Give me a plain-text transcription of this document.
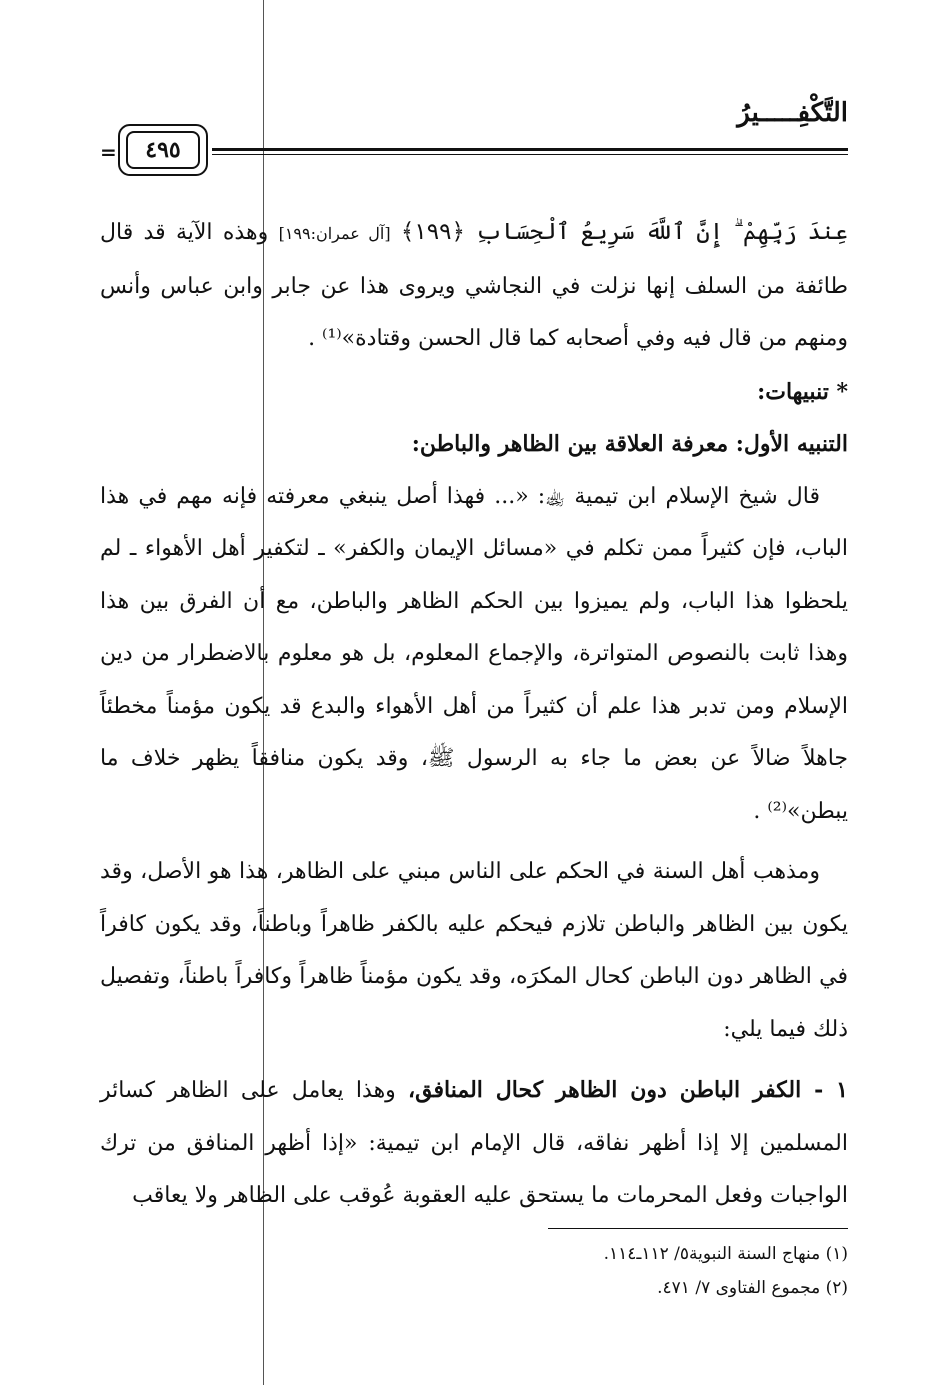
التَّكْفِـــــيرُ
=	٤٩٥

عِندَ رَبِّهِمْ ۗ إِنَّ ٱللَّهَ سَرِيعُ ٱلْحِسَابِ ﴿١٩٩﴾ [آل عمران:١٩٩] وهذه الآية قد قال طائفة من السلف إنها نزلت في النجاشي ويروى هذا عن جابر وابن عباس وأنس ومنهم من قال فيه وفي أصحابه كما قال الحسن وقتادة»⁽¹⁾ .

* تنبيهات:

التنبيه الأول: معرفة العلاقة بين الظاهر والباطن:

قال شيخ الإسلام ابن تيمية ﵀: «... فهذا أصل ينبغي معرفته فإنه مهم في هذا الباب، فإن كثيراً ممن تكلم في «مسائل الإيمان والكفر» ـ لتكفير أهل الأهواء ـ لم يلحظوا هذا الباب، ولم يميزوا بين الحكم الظاهر والباطن، مع أن الفرق بين هذا وهذا ثابت بالنصوص المتواترة، والإجماع المعلوم، بل هو معلوم بالاضطرار من دين الإسلام ومن تدبر هذا علم أن كثيراً من أهل الأهواء والبدع قد يكون مؤمناً مخطئاً جاهلاً ضالاً عن بعض ما جاء به الرسول ﷺ، وقد يكون منافقاً يظهر خلاف ما يبطن»⁽²⁾ .

ومذهب أهل السنة في الحكم على الناس مبني على الظاهر، هذا هو الأصل، وقد يكون بين الظاهر والباطن تلازم فيحكم عليه بالكفر ظاهراً وباطناً، وقد يكون كافراً في الظاهر دون الباطن كحال المكرَه، وقد يكون مؤمناً ظاهراً وكافراً باطناً، وتفصيل ذلك فيما يلي:

١ - الكفر الباطن دون الظاهر كحال المنافق، وهذا يعامل على الظاهر كسائر المسلمين إلا إذا أظهر نفاقه، قال الإمام ابن تيمية: «إذا أظهر المنافق من ترك الواجبات وفعل المحرمات ما يستحق عليه العقوبة عُوقب على الظاهر ولا يعاقب

(١) منهاج السنة النبوية٥/ ١١٢ـ١١٤.
(٢) مجموع الفتاوى ٧/ ٤٧١.
